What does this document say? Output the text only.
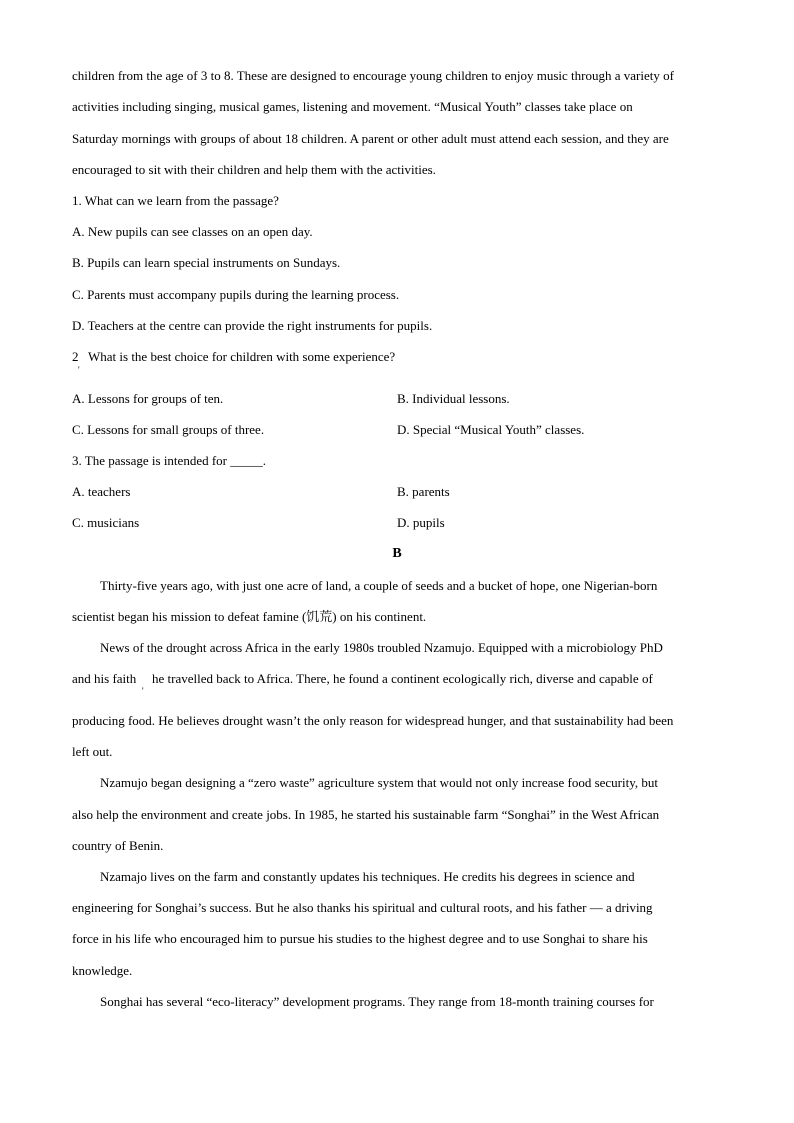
children from the age of 3 to 8. These are designed to encourage young children to enjoy music through a variety of
activities including singing, musical games, listening and movement. “Musical Youth” classes take place on
Saturday mornings with groups of about 18 children. A parent or other adult must attend each session, and they are
encouraged to sit with their children and help them with the activities.
1. What can we learn from the passage?
A. New pupils can see classes on an open day.
B. Pupils can learn special instruments on Sundays.
C. Parents must accompany pupils during the learning process.
D. Teachers at the centre can provide the right instruments for pupils.
2
'
What is the best choice for children with some experience?
A. Lessons for groups of ten.	B. Individual lessons.
C. Lessons for small groups of three.	D. Special “Musical Youth” classes.
3. The passage is intended for _____.
A. teachers	B. parents
C. musicians	D. pupils
B
Thirty-five years ago, with just one acre of land, a couple of seeds and a bucket of hope, one Nigerian-born
scientist began his mission to defeat famine (饥荒) on his continent.
News of the drought across Africa in the early 1980s troubled Nzamujo. Equipped with a microbiology PhD
and his faith
'
he travelled back to Africa. There, he found a continent ecologically rich, diverse and capable of
producing food. He believes drought wasn’t the only reason for widespread hunger, and that sustainability had been
left out.
Nzamujo began designing a “zero waste” agriculture system that would not only increase food security, but
also help the environment and create jobs. In 1985, he started his sustainable farm “Songhai” in the West African
country of Benin.
Nzamajo lives on the farm and constantly updates his techniques. He credits his degrees in science and
engineering for Songhai’s success. But he also thanks his spiritual and cultural roots, and his father — a driving
force in his life who encouraged him to pursue his studies to the highest degree and to use Songhai to share his
knowledge.
Songhai has several “eco-literacy” development programs. They range from 18-month training courses for
